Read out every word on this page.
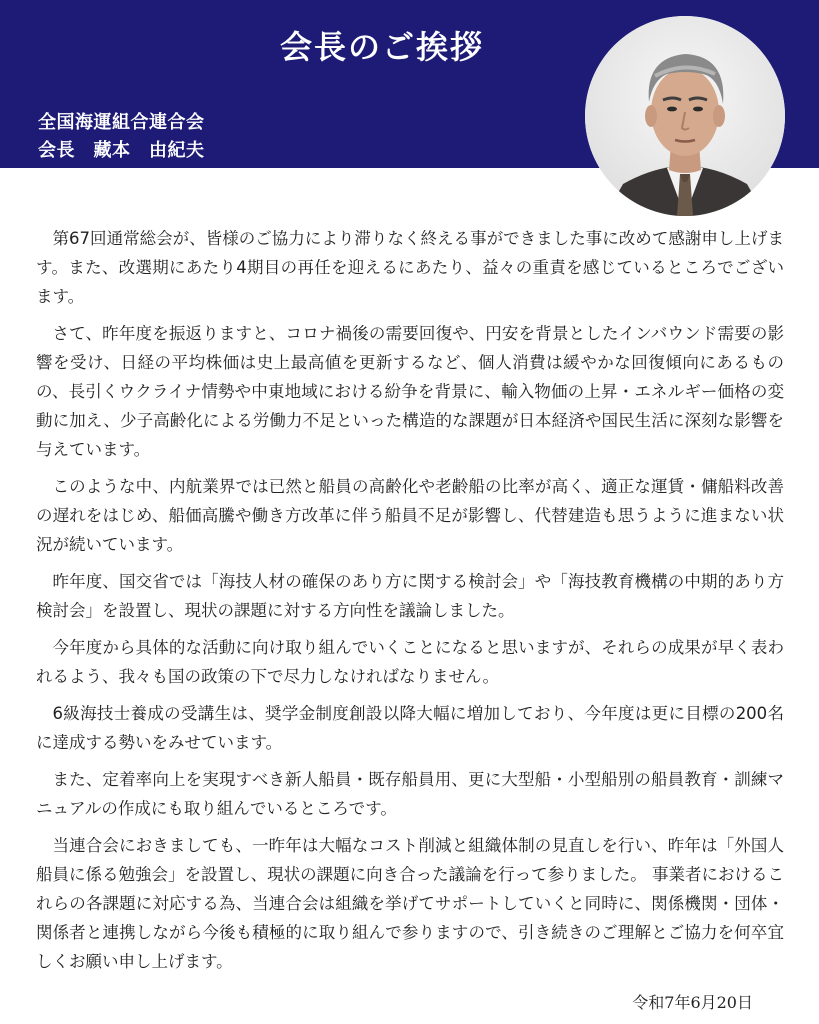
会長のご挨拶
全国海運組合連合会
会長　藏本　由紀夫

第67回通常総会が、皆様のご協力により滞りなく終える事ができました事に改めて感謝申し上げます。また、改選期にあたり4期目の再任を迎えるにあたり、益々の重責を感じているところでございます。

さて、昨年度を振返りますと、コロナ禍後の需要回復や、円安を背景としたインバウンド需要の影響を受け、日経の平均株価は史上最高値を更新するなど、個人消費は緩やかな回復傾向にあるものの、長引くウクライナ情勢や中東地域における紛争を背景に、輸入物価の上昇・エネルギー価格の変動に加え、少子高齢化による労働力不足といった構造的な課題が日本経済や国民生活に深刻な影響を与えています。

このような中、内航業界では已然と船員の高齢化や老齢船の比率が高く、適正な運賃・傭船料改善の遅れをはじめ、船価高騰や働き方改革に伴う船員不足が影響し、代替建造も思うように進まない状況が続いています。

昨年度、国交省では「海技人材の確保のあり方に関する検討会」や「海技教育機構の中期的あり方検討会」を設置し、現状の課題に対する方向性を議論しました。

今年度から具体的な活動に向け取り組んでいくことになると思いますが、それらの成果が早く表われるよう、我々も国の政策の下で尽力しなければなりません。

6級海技士養成の受講生は、奨学金制度創設以降大幅に増加しており、今年度は更に目標の200名に達成する勢いをみせています。

また、定着率向上を実現すべき新人船員・既存船員用、更に大型船・小型船別の船員教育・訓練マニュアルの作成にも取り組んでいるところです。

当連合会におきましても、一昨年は大幅なコスト削減と組織体制の見直しを行い、昨年は「外国人船員に係る勉強会」を設置し、現状の課題に向き合った議論を行って参りました。 事業者におけるこれらの各課題に対応する為、当連合会は組織を挙げてサポートしていくと同時に、関係機関・団体・関係者と連携しながら今後も積極的に取り組んで参りますので、引き続きのご理解とご協力を何卒宜しくお願い申し上げます。

令和7年6月20日
